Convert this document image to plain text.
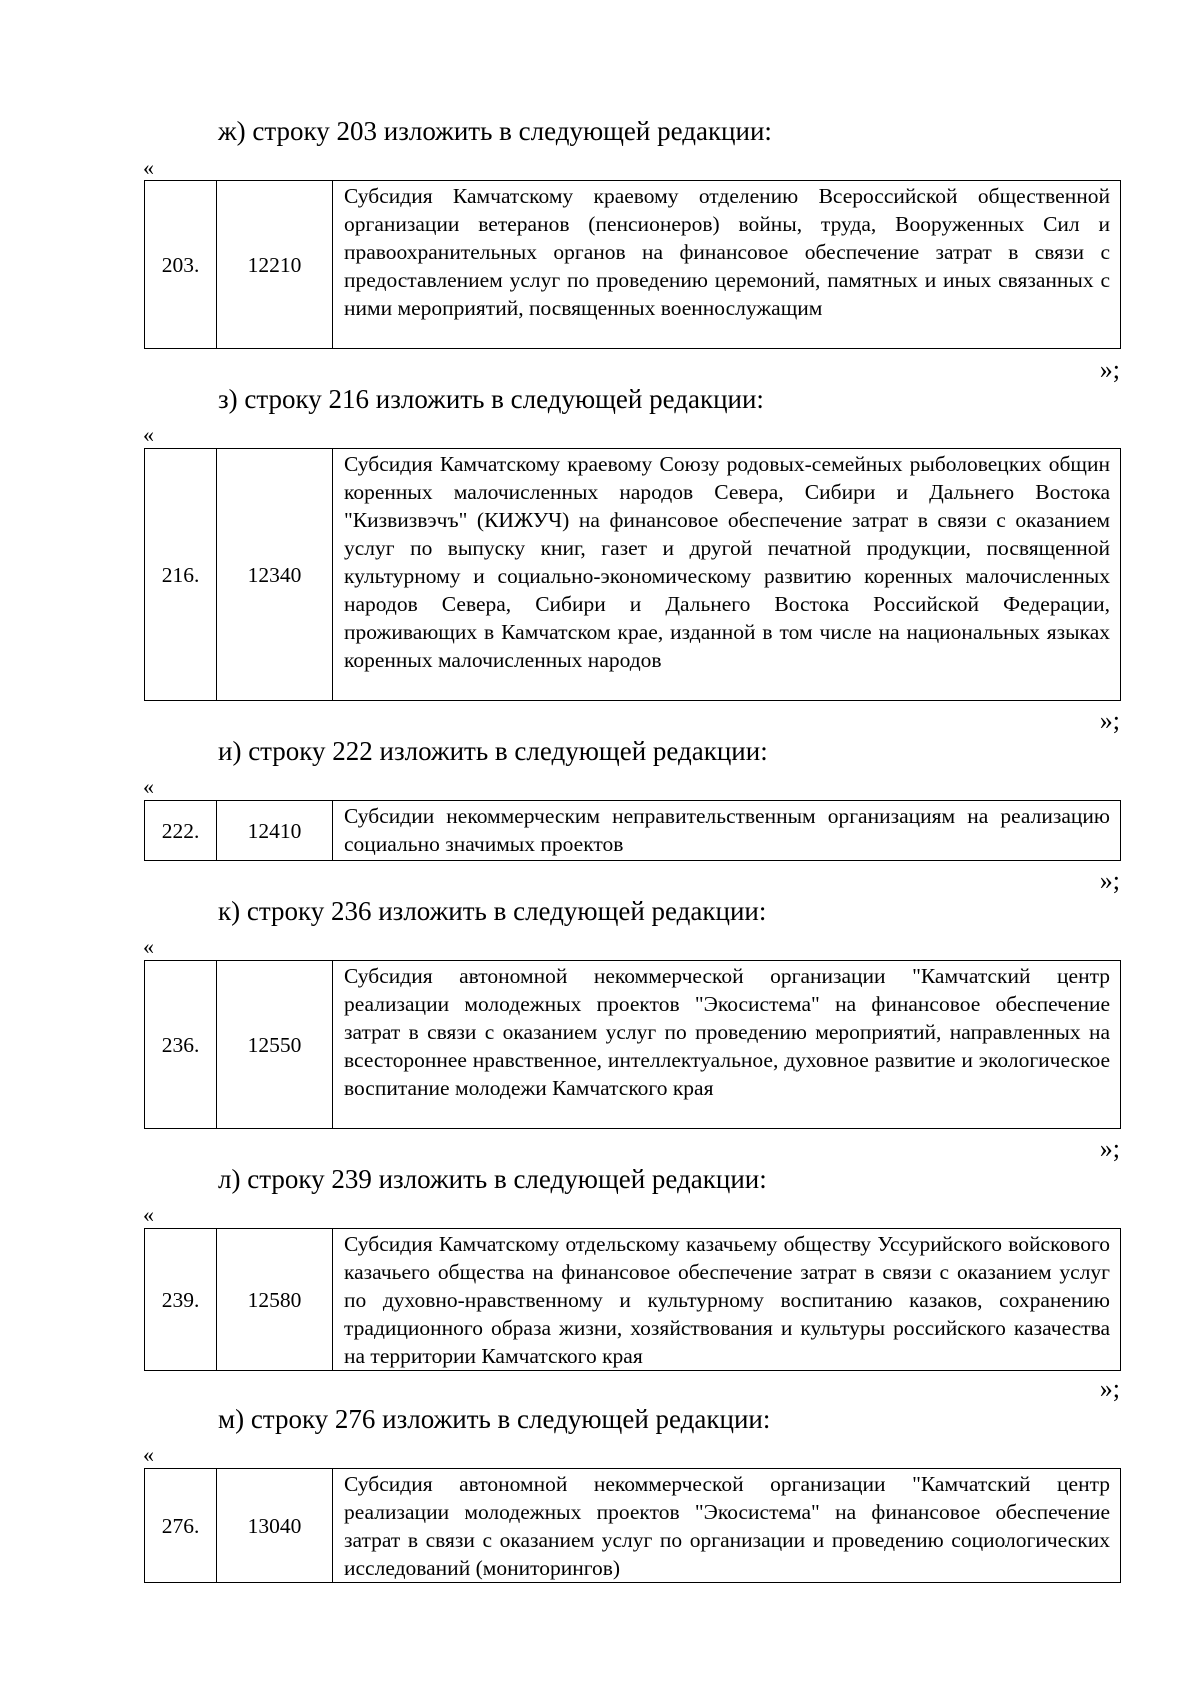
ж) строку 203 изложить в следующей редакции:
«
203.	12210	Субсидия Камчатскому краевому отделению Всероссийской общественной организации ветеранов (пенсионеров) войны, труда, Вооруженных Сил и правоохранительных органов на финансовое обеспечение затрат в связи с предоставлением услуг по проведению церемоний, памятных и иных связанных с ними мероприятий, посвященных военнослужащим
»;
з) строку 216 изложить в следующей редакции:
«
216.	12340	Субсидия Камчатскому краевому Союзу родовых-семейных рыболовецких общин коренных малочисленных народов Севера, Сибири и Дальнего Востока "Кизвизвэчъ" (КИЖУЧ) на финансовое обеспечение затрат в связи с оказанием услуг по выпуску книг, газет и другой печатной продукции, посвященной культурному и социально-экономическому развитию коренных малочисленных народов Севера, Сибири и Дальнего Востока Российской Федерации, проживающих в Камчатском крае, изданной в том числе на национальных языках коренных малочисленных народов
»;
и) строку 222 изложить в следующей редакции:
«
222.	12410	Субсидии некоммерческим неправительственным организациям на реализацию социально значимых проектов
»;
к) строку 236 изложить в следующей редакции:
«
236.	12550	Субсидия автономной некоммерческой организации "Камчатский центр реализации молодежных проектов "Экосистема" на финансовое обеспечение затрат в связи с оказанием услуг по проведению мероприятий, направленных на всестороннее нравственное, интеллектуальное, духовное развитие и экологическое воспитание молодежи Камчатского края
»;
л) строку 239 изложить в следующей редакции:
«
239.	12580	Субсидия Камчатскому отдельскому казачьему обществу Уссурийского войскового казачьего общества на финансовое обеспечение затрат в связи с оказанием услуг по духовно-нравственному и культурному воспитанию казаков, сохранению традиционного образа жизни, хозяйствования и культуры российского казачества на территории Камчатского края
»;
м) строку 276 изложить в следующей редакции:
«
276.	13040	Субсидия автономной некоммерческой организации "Камчатский центр реализации молодежных проектов "Экосистема" на финансовое обеспечение затрат в связи с оказанием услуг по организации и проведению социологических исследований (мониторингов)
